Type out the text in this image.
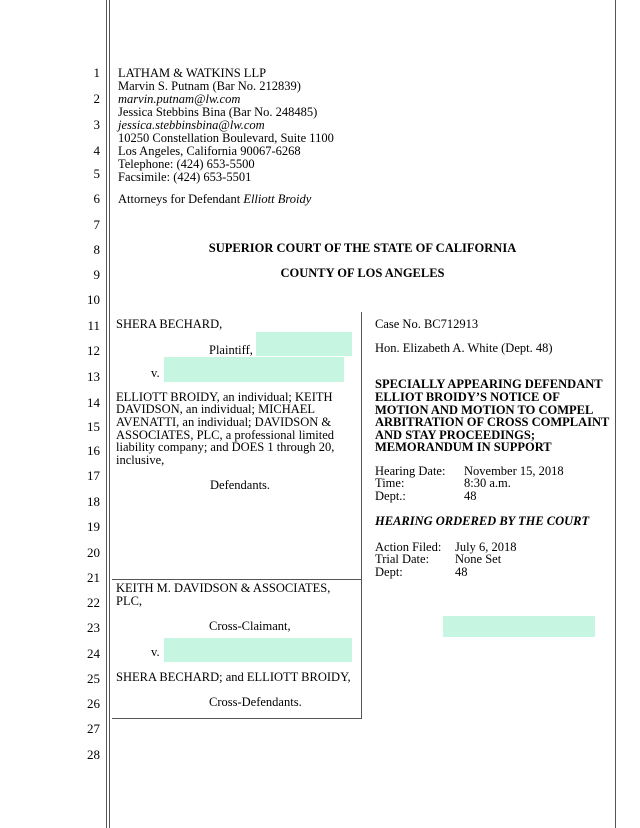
1
2
3
4
5
6
7
8
9
10
11
12
13
14
15
16
17
18
19
20
21
22
23
24
25
26
27
28
LATHAM & WATKINS LLP
Marvin S. Putnam (Bar No. 212839)
marvin.putnam@lw.com
Jessica Stebbins Bina (Bar No. 248485)
jessica.stebbinsbina@lw.com
10250 Constellation Boulevard, Suite 1100
Los Angeles, California 90067-6268
Telephone: (424) 653-5500
Facsimile: (424) 653-5501
Attorneys for Defendant Elliott Broidy
SUPERIOR COURT OF THE STATE OF CALIFORNIA
COUNTY OF LOS ANGELES
SHERA BECHARD,
Plaintiff,
v.
ELLIOTT BROIDY, an individual; KEITH
DAVIDSON, an individual; MICHAEL
AVENATTI, an individual; DAVIDSON &
ASSOCIATES, PLC, a professional limited
liability company; and DOES 1 through 20,
inclusive,
Defendants.
KEITH M. DAVIDSON & ASSOCIATES,
PLC,
Cross-Claimant,
v.
SHERA BECHARD; and ELLIOTT BROIDY,
Cross-Defendants.
Case No. BC712913
Hon. Elizabeth A. White (Dept. 48)
SPECIALLY APPEARING DEFENDANT
ELLIOT BROIDY’S NOTICE OF
MOTION AND MOTION TO COMPEL
ARBITRATION OF CROSS COMPLAINT
AND STAY PROCEEDINGS;
MEMORANDUM IN SUPPORT
Hearing Date: November 15, 2018
Time:	8:30 a.m.
Dept.:	48
HEARING ORDERED BY THE COURT
Action Filed: July 6, 2018
Trial Date: None Set
Dept:	48
